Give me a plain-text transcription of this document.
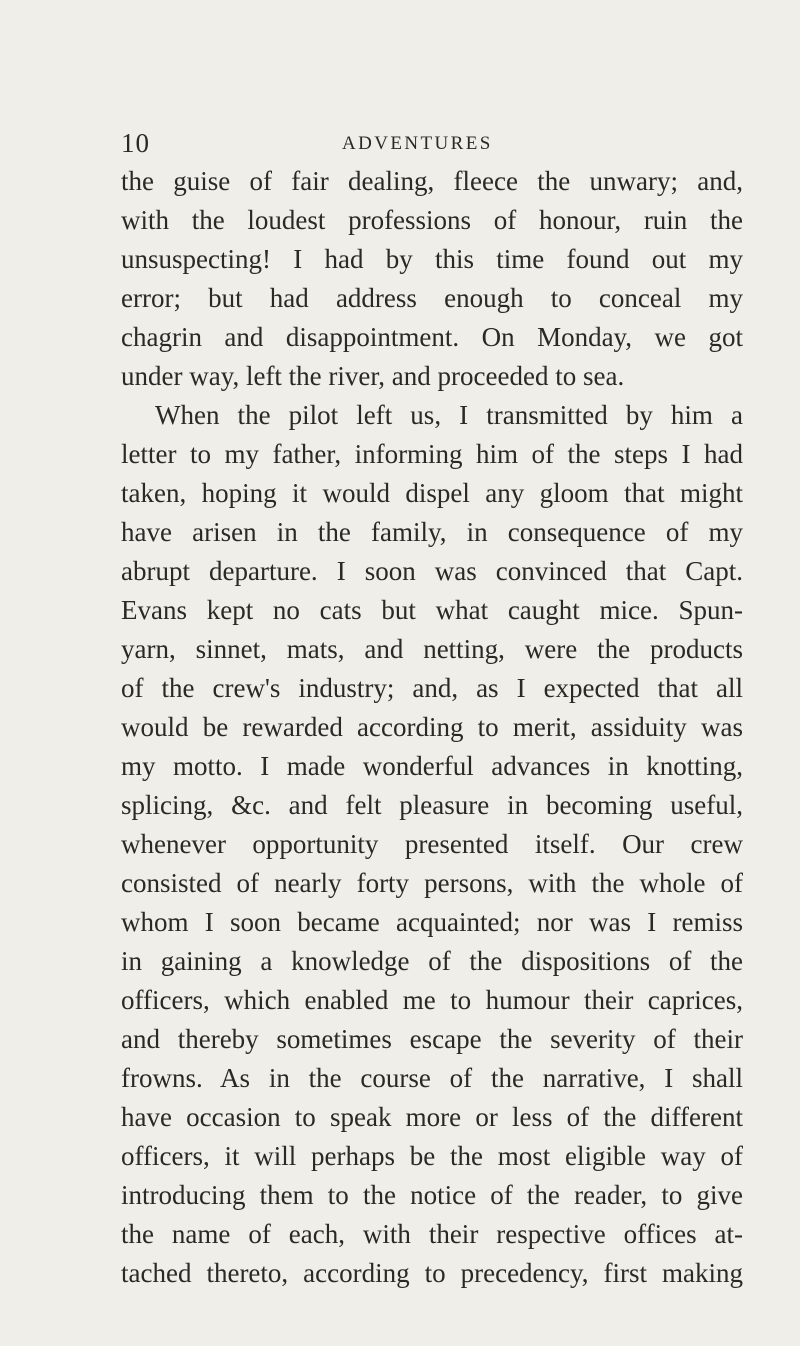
10	ADVENTURES
the guise of fair dealing, fleece the unwary; and,
with the loudest professions of honour, ruin the
unsuspecting! I had by this time found out my
error; but had address enough to conceal my
chagrin and disappointment. On Monday, we got
under way, left the river, and proceeded to sea.
When the pilot left us, I transmitted by him a
letter to my father, informing him of the steps I had
taken, hoping it would dispel any gloom that might
have arisen in the family, in consequence of my
abrupt departure. I soon was convinced that Capt.
Evans kept no cats but what caught mice. Spun-
yarn, sinnet, mats, and netting, were the products
of the crew's industry; and, as I expected that all
would be rewarded according to merit, assiduity was
my motto. I made wonderful advances in knotting,
splicing, &c. and felt pleasure in becoming useful,
whenever opportunity presented itself. Our crew
consisted of nearly forty persons, with the whole of
whom I soon became acquainted; nor was I remiss
in gaining a knowledge of the dispositions of the
officers, which enabled me to humour their caprices,
and thereby sometimes escape the severity of their
frowns. As in the course of the narrative, I shall
have occasion to speak more or less of the different
officers, it will perhaps be the most eligible way of
introducing them to the notice of the reader, to give
the name of each, with their respective offices at-
tached thereto, according to precedency, first making
